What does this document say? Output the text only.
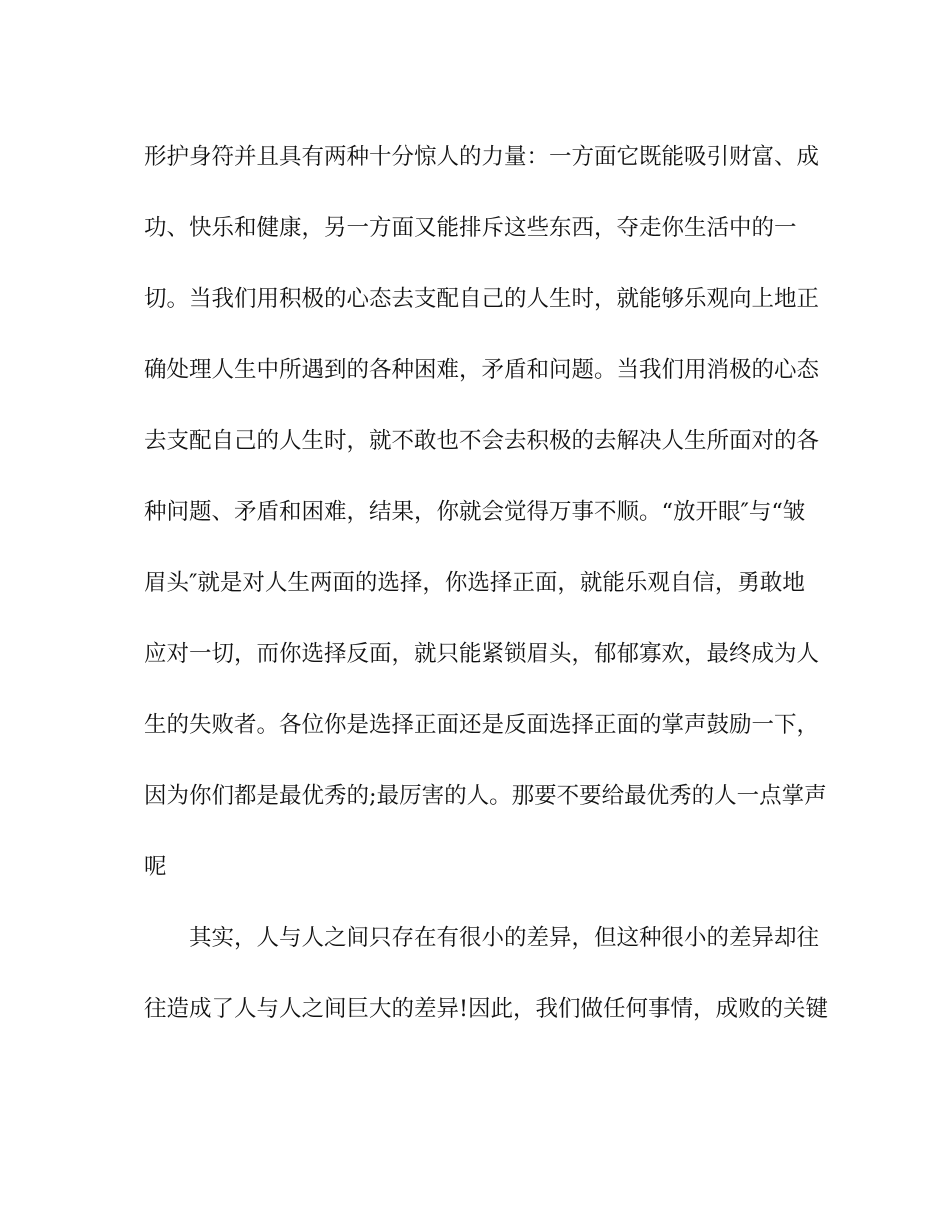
形护身符并且具有两种十分惊人的力量：一方面它既能吸引财富、成
功、快乐和健康，另一方面又能排斥这些东西，夺走你生活中的一
切。当我们用积极的心态去支配自己的人生时，就能够乐观向上地正
确处理人生中所遇到的各种困难，矛盾和问题。当我们用消极的心态
去支配自己的人生时，就不敢也不会去积极的去解决人生所面对的各
种问题、矛盾和困难，结果，你就会觉得万事不顺。“放开眼″与“皱
眉头″就是对人生两面的选择，你选择正面，就能乐观自信，勇敢地
应对一切，而你选择反面，就只能紧锁眉头，郁郁寡欢，最终成为人
生的失败者。各位你是选择正面还是反面选择正面的掌声鼓励一下，
因为你们都是最优秀的;最厉害的人。那要不要给最优秀的人一点掌声
呢
其实，人与人之间只存在有很小的差异，但这种很小的差异却往
往造成了人与人之间巨大的差异!因此，我们做任何事情，成败的关键
